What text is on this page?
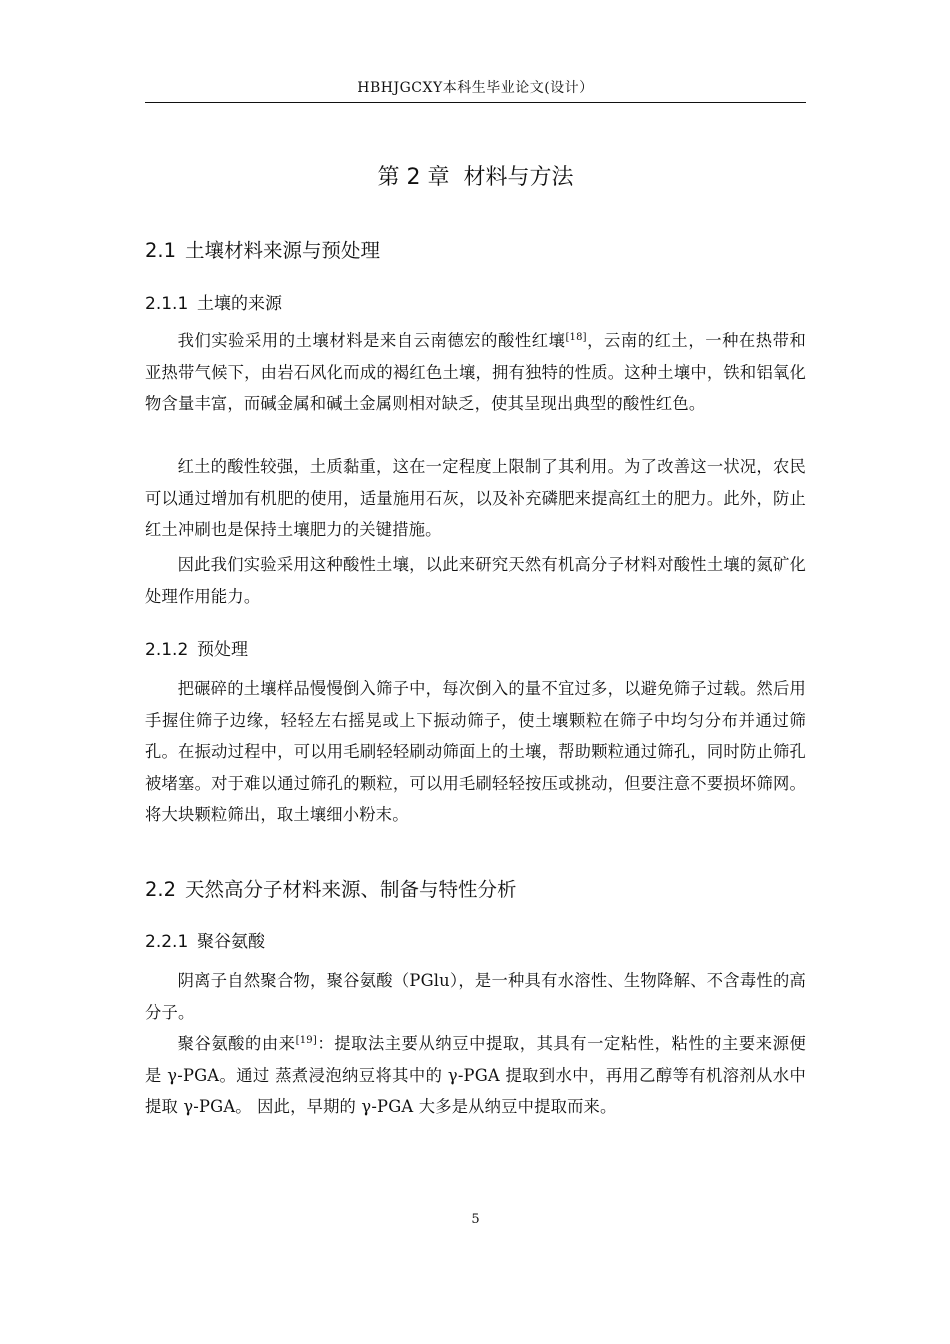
HBHJGCXY本科生毕业论文(设计）
第 2 章 材料与方法
2.1 土壤材料来源与预处理
2.1.1 土壤的来源
我们实验采用的土壤材料是来自云南德宏的酸性红壤[18]，云南的红土，一种在热带和亚热带气候下，由岩石风化而成的褐红色土壤，拥有独特的性质。这种土壤中，铁和铝氧化物含量丰富，而碱金属和碱土金属则相对缺乏，使其呈现出典型的酸性红色。
红土的酸性较强，土质黏重，这在一定程度上限制了其利用。为了改善这一状况，农民可以通过增加有机肥的使用，适量施用石灰，以及补充磷肥来提高红土的肥力。此外，防止红土冲刷也是保持土壤肥力的关键措施。
因此我们实验采用这种酸性土壤，以此来研究天然有机高分子材料对酸性土壤的氮矿化处理作用能力。
2.1.2 预处理
把碾碎的土壤样品慢慢倒入筛子中，每次倒入的量不宜过多，以避免筛子过载。然后用手握住筛子边缘，轻轻左右摇晃或上下振动筛子，使土壤颗粒在筛子中均匀分布并通过筛孔。在振动过程中，可以用毛刷轻轻刷动筛面上的土壤，帮助颗粒通过筛孔，同时防止筛孔被堵塞。对于难以通过筛孔的颗粒，可以用毛刷轻轻按压或挑动，但要注意不要损坏筛网。将大块颗粒筛出，取土壤细小粉末。
2.2 天然高分子材料来源、制备与特性分析
2.2.1 聚谷氨酸
阴离子自然聚合物，聚谷氨酸（PGlu），是一种具有水溶性、生物降解、不含毒性的高分子。
聚谷氨酸的由来[19]：提取法主要从纳豆中提取，其具有一定粘性，粘性的主要来源便是 γ-PGA。通过 蒸煮浸泡纳豆将其中的 γ-PGA 提取到水中，再用乙醇等有机溶剂从水中提取 γ-PGA。 因此，早期的 γ-PGA 大多是从纳豆中提取而来。
5
